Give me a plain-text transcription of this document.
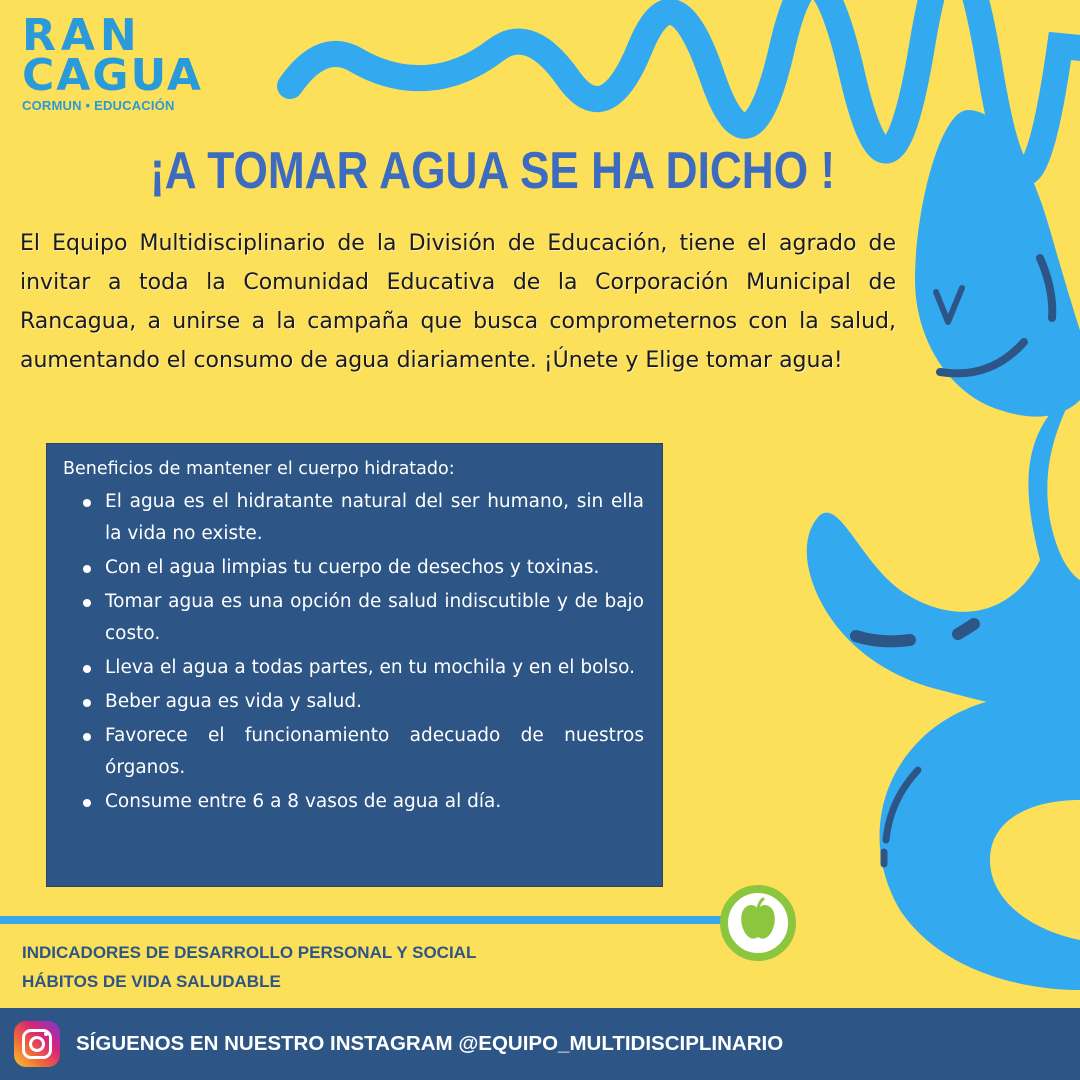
RAN
CAGUA
CORMUN • EDUCACIÓN
¡A TOMAR AGUA SE HA DICHO !

El Equipo Multidisciplinario de la División de Educación, tiene el agrado de invitar a toda la Comunidad Educativa de la Corporación Municipal de Rancagua, a unirse a la campaña que busca comprometernos con la salud, aumentando el consumo de agua diariamente. ¡Únete y Elige tomar agua!

Beneficios de mantener el cuerpo hidratado:
El agua es el hidratante natural del ser humano, sin ella la vida no existe.
Con el agua limpias tu cuerpo de desechos y toxinas.
Tomar agua es una opción de salud indiscutible y de bajo costo.
Lleva el agua a todas partes, en tu mochila y en el bolso.
Beber agua es vida y salud.
Favorece el funcionamiento adecuado de nuestros órganos.
Consume entre 6 a 8 vasos de agua al día.
INDICADORES DE DESARROLLO PERSONAL Y SOCIAL
HÁBITOS DE VIDA SALUDABLE
SÍGUENOS EN NUESTRO INSTAGRAM @EQUIPO_MULTIDISCIPLINARIO
